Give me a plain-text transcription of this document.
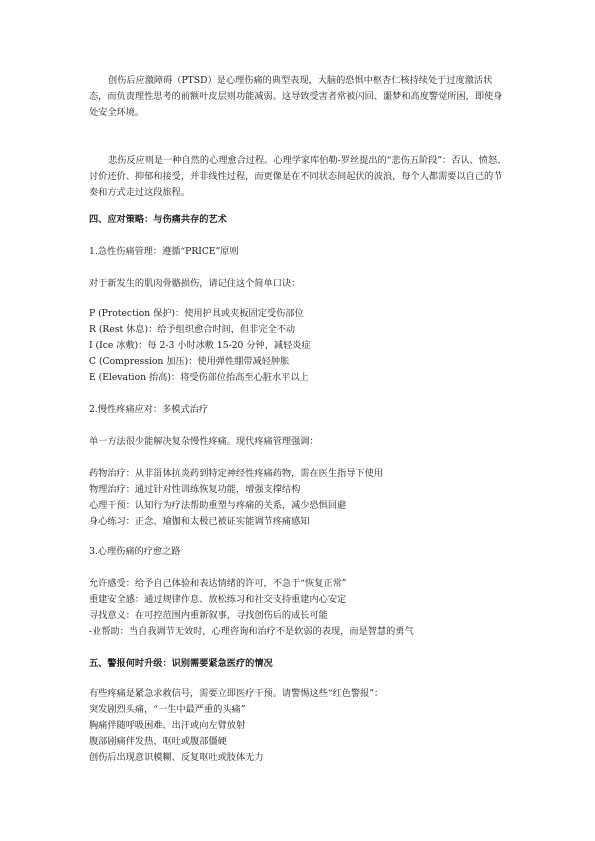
创伤后应激障碍（PTSD）是心理伤痛的典型表现，大脑的恐惧中枢杏仁核持续处于过度激活状态，而负责理性思考的前额叶皮层则功能减弱。这导致受害者常被闪回、噩梦和高度警觉所困，即使身处安全环境。

悲伤反应则是一种自然的心理愈合过程。心理学家库伯勒-罗丝提出的“悲伤五阶段”：否认、愤怒、讨价还价、抑郁和接受，并非线性过程，而更像是在不同状态间起伏的波浪，每个人都需要以自己的节奏和方式走过这段旅程。

四、应对策略：与伤痛共存的艺术

1.急性伤痛管理：遵循“PRICE”原则

对于新发生的肌肉骨骼损伤，请记住这个简单口诀：

P (Protection 保护)：使用护具或夹板固定受伤部位

R (Rest 休息)：给予组织愈合时间，但非完全不动

I (Ice 冰敷)：每 2-3 小时冰敷 15-20 分钟，减轻炎症

C (Compression 加压)：使用弹性绷带减轻肿胀

E (Elevation 抬高)：将受伤部位抬高至心脏水平以上

2.慢性疼痛应对：多模式治疗

单一方法很少能解决复杂慢性疼痛。现代疼痛管理强调：

药物治疗：从非甾体抗炎药到特定神经性疼痛药物，需在医生指导下使用

物理治疗：通过针对性训练恢复功能，增强支撑结构

心理干预：认知行为疗法帮助重塑与疼痛的关系，减少恐惧回避

身心练习：正念、瑜伽和太极已被证实能调节疼痛感知

3.心理伤痛的疗愈之路

允许感受：给予自己体验和表达情绪的许可，不急于“恢复正常”

重建安全感：通过规律作息、放松练习和社交支持重建内心安定

寻找意义：在可控范围内重新叙事，寻找创伤后的成长可能

-业帮助：当自我调节无效时，心理咨询和治疗不是软弱的表现，而是智慧的勇气

五、警报何时升级：识别需要紧急医疗的情况

有些疼痛是紧急求救信号，需要立即医疗干预。请警惕这些“红色警报”：

突发剧烈头痛，“一生中最严重的头痛”

胸痛伴随呼吸困难、出汗或向左臂放射

腹部剧痛伴发热、呕吐或腹部僵硬

创伤后出现意识模糊、反复呕吐或肢体无力
